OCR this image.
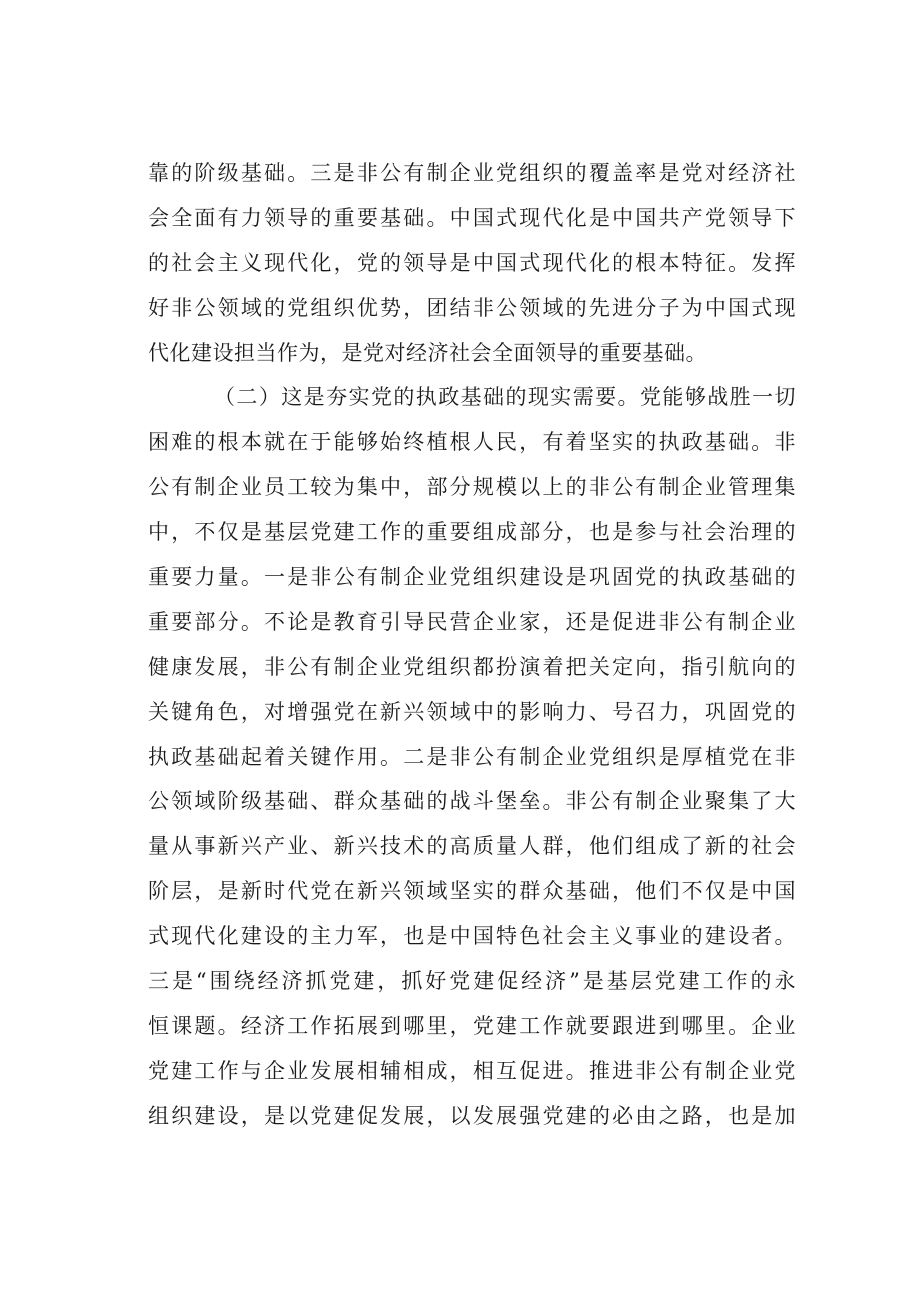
靠的阶级基础。三是非公有制企业党组织的覆盖率是党对经济社
会全面有力领导的重要基础。中国式现代化是中国共产党领导下
的社会主义现代化，党的领导是中国式现代化的根本特征。发挥
好非公领域的党组织优势，团结非公领域的先进分子为中国式现
代化建设担当作为，是党对经济社会全面领导的重要基础。
（二）这是夯实党的执政基础的现实需要。党能够战胜一切
困难的根本就在于能够始终植根人民，有着坚实的执政基础。非
公有制企业员工较为集中，部分规模以上的非公有制企业管理集
中，不仅是基层党建工作的重要组成部分，也是参与社会治理的
重要力量。一是非公有制企业党组织建设是巩固党的执政基础的
重要部分。不论是教育引导民营企业家，还是促进非公有制企业
健康发展，非公有制企业党组织都扮演着把关定向，指引航向的
关键角色，对增强党在新兴领域中的影响力、号召力，巩固党的
执政基础起着关键作用。二是非公有制企业党组织是厚植党在非
公领域阶级基础、群众基础的战斗堡垒。非公有制企业聚集了大
量从事新兴产业、新兴技术的高质量人群，他们组成了新的社会
阶层，是新时代党在新兴领域坚实的群众基础，他们不仅是中国
式现代化建设的主力军，也是中国特色社会主义事业的建设者。
三是“围绕经济抓党建，抓好党建促经济”是基层党建工作的永
恒课题。经济工作拓展到哪里，党建工作就要跟进到哪里。企业
党建工作与企业发展相辅相成，相互促进。推进非公有制企业党
组织建设，是以党建促发展，以发展强党建的必由之路，也是加
